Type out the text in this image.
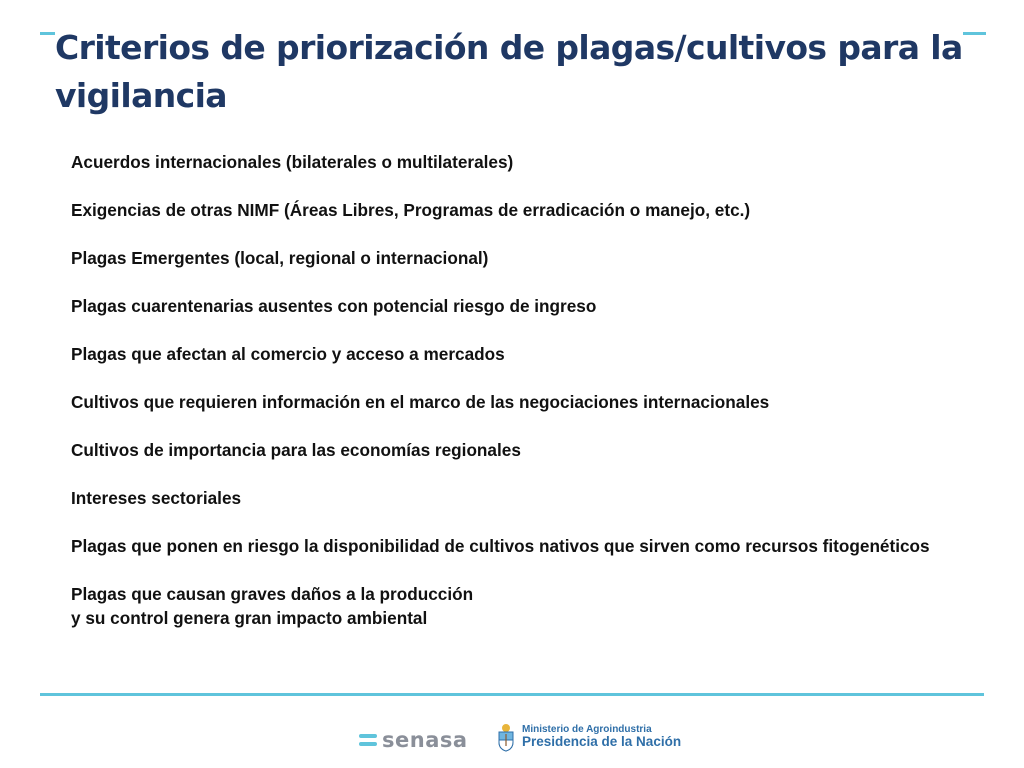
Criterios de priorización de plagas/cultivos para la vigilancia
Acuerdos internacionales (bilaterales o multilaterales)
Exigencias de otras NIMF (Áreas Libres, Programas de erradicación o manejo, etc.)
Plagas Emergentes (local, regional o internacional)
Plagas cuarentenarias ausentes con potencial riesgo de ingreso
Plagas que afectan al comercio y acceso a mercados
Cultivos que requieren información en el marco de las negociaciones internacionales
Cultivos de importancia para las economías regionales
Intereses sectoriales
Plagas que ponen en riesgo la disponibilidad de cultivos nativos que sirven como recursos fitogenéticos
Plagas que causan graves daños a la producción
y su control genera gran impacto ambiental
senasa	Ministerio de Agroindustria
Presidencia de la Nación
